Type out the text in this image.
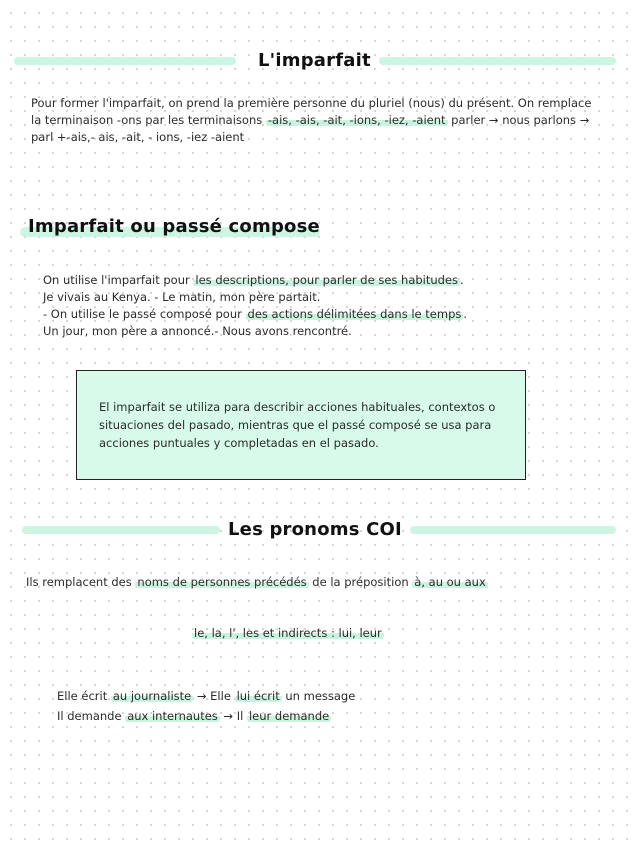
L'imparfait
Pour former l'imparfait, on prend la première personne du pluriel (nous) du présent. On remplace
la terminaison -ons par les terminaisons -ais, -ais, -ait, -ions, -iez, -aient parler → nous parlons →
parl +-ais,- ais, -ait, - ions, -iez -aient
Imparfait ou passé compose
On utilise l'imparfait pour les descriptions, pour parler de ses habitudes .
Je vivais au Kenya. - Le matin, mon père partait.
- On utilise le passé composé pour des actions délimitées dans le temps .
Un jour, mon père a annoncé.- Nous avons rencontré.
El imparfait se utiliza para describir acciones habituales, contextos o situaciones del pasado, mientras que el passé composé se usa para acciones puntuales y completadas en el pasado.
Les pronoms COI
Ils remplacent des noms de personnes précédés de la préposition à, au ou aux
le, la, l', les et indirects : lui, leur
Elle écrit au journaliste → Elle lui écrit un message
Il demande aux internautes → Il leur demande
